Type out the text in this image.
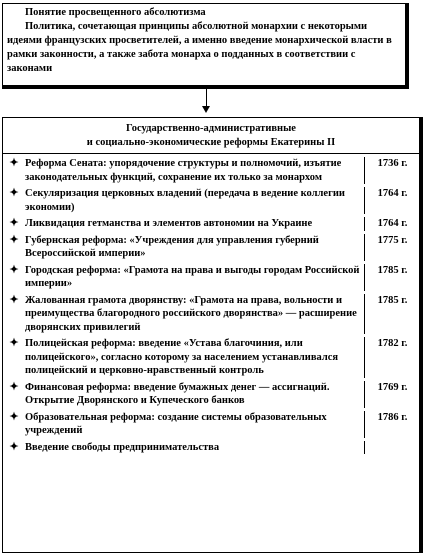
Понятие просвещенного абсолютизма
Политика, сочетающая принципы абсолютной монархии с некоторыми идеями французских просветителей, а именно введение монархической власти в рамки законности, а также забота монарха о подданных в соответствии с законами
Государственно-административные
и социально-экономические реформы Екатерины II
✦ Реформа Сената: упорядочение структуры и полномочий, изъятие законодательных функций, сохранение их только за монархом
1736 г.
✦ Секуляризация церковных владений (передача в ведение коллегии экономии)
1764 г.
✦ Ликвидация гетманства и элементов автономии на Украине	1764 г.
✦ Губернская реформа: «Учреждения для управления губерний Всероссийской империи»
1775 г.
✦ Городская реформа: «Грамота на права и выгоды городам Российской империи»
1785 г.
✦ Жалованная грамота дворянству: «Грамота на права, вольности и преимущества благородного российского дворянства» — расширение дворянских привилегий
1785 г.
✦ Полицейская реформа: введение «Устава благочиния, или полицейского», согласно которому за населением устанавливался полицейский и церковно-нравственный контроль
1782 г.
✦ Финансовая реформа: введение бумажных денег — ассигнаций. Открытие Дворянского и Купеческого банков
1769 г.
✦ Образовательная реформа: создание системы образовательных учреждений
1786 г.
✦ Введение свободы предпринимательства
